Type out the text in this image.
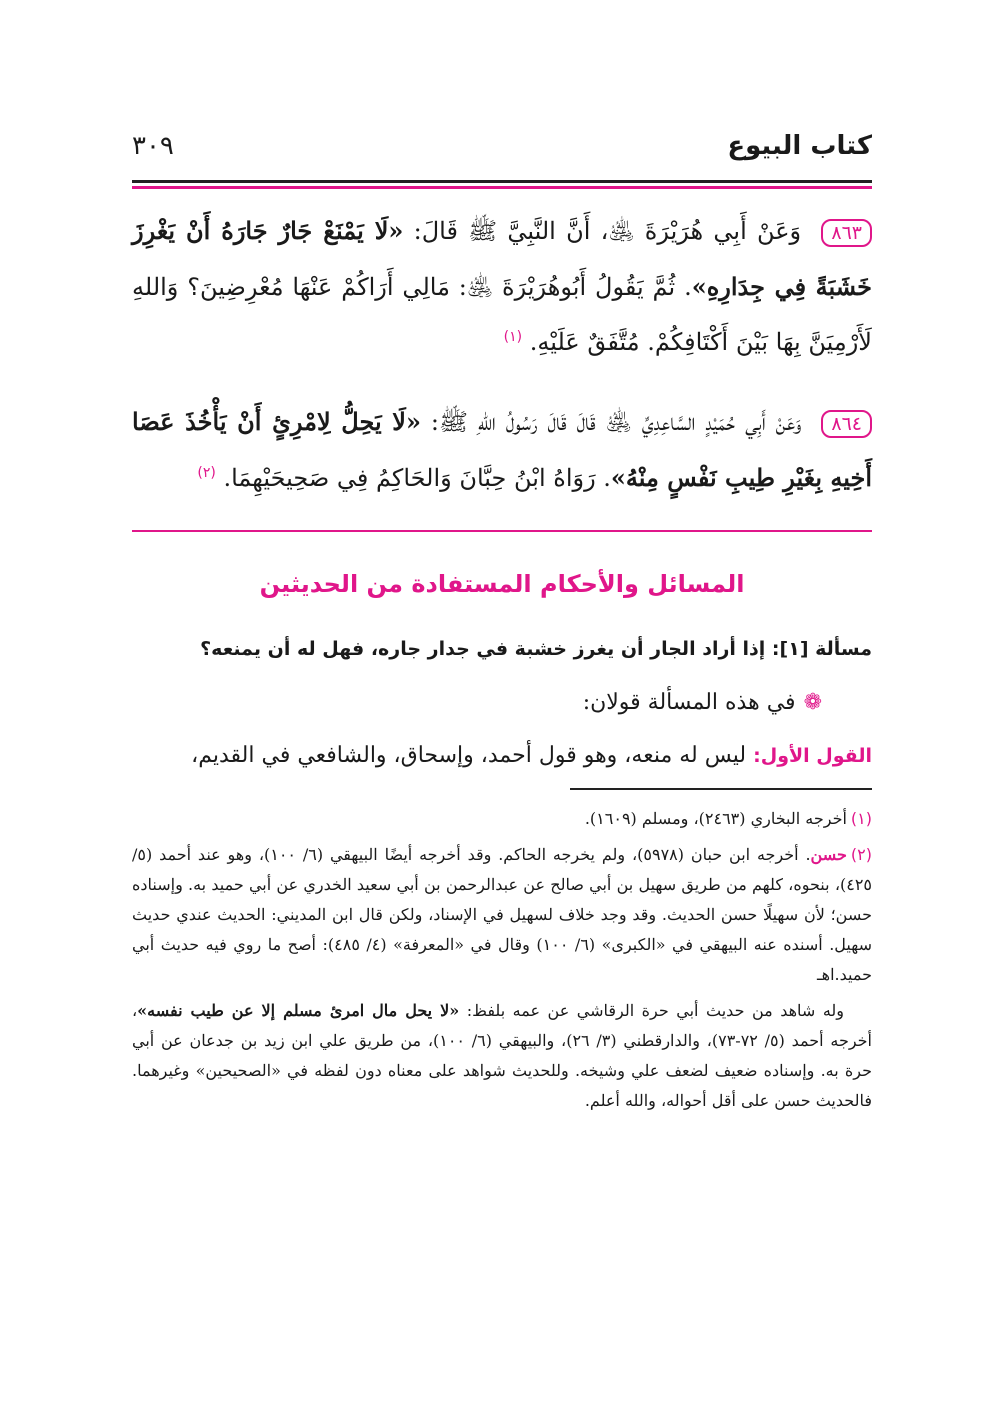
كتاب البيوع
٣٠٩

٨٦٣ وَعَنْ أَبِي هُرَيْرَةَ ﵁، أَنَّ النَّبِيَّ ﷺ قَالَ: «لَا يَمْنَعْ جَارٌ جَارَهُ أَنْ يَغْرِزَ خَشَبَةً فِي جِدَارِهِ». ثُمَّ يَقُولُ أَبُوهُرَيْرَةَ ﵁: مَالِي أَرَاكُمْ عَنْهَا مُعْرِضِينَ؟ وَاللهِ لَأَرْمِيَنَّ بِهَا بَيْنَ أَكْتَافِكُمْ. مُتَّفَقٌ عَلَيْهِ. $^{(١)}$

٨٦٤ وَعَنْ أَبِي حُمَيْدٍ السَّاعِدِيِّ ﵁ قَالَ قَالَ رَسُولُ اللهِ ﷺ: «لَا يَحِلُّ لِامْرِئٍ أَنْ يَأْخُذَ عَصَا أَخِيهِ بِغَيْرِ طِيبِ نَفْسٍ مِنْهُ». رَوَاهُ ابْنُ حِبَّانَ وَالحَاكِمُ فِي صَحِيحَيْهِمَا. $^{(٢)}$

المسائل والأحكام المستفادة من الحديثين
مسألة [١]: إذا أراد الجار أن يغرز خشبة في جدار جاره، فهل له أن يمنعه؟
❁في هذه المسألة قولان:
القول الأول: ليس له منعه، وهو قول أحمد، وإسحاق، والشافعي في القديم،
(١)أخرجه البخاري (٢٤٦٣)، ومسلم (١٦٠٩).
(٢)حسن. أخرجه ابن حبان (٥٩٧٨)، ولم يخرجه الحاكم. وقد أخرجه أيضًا البيهقي (٦/ ١٠٠)، وهو عند أحمد (٥/ ٤٢٥)، بنحوه، كلهم من طريق سهيل بن أبي صالح عن عبدالرحمن بن أبي سعيد الخدري عن أبي حميد به. وإسناده حسن؛ لأن سهيلًا حسن الحديث. وقد وجد خلاف لسهيل في الإسناد، ولكن قال ابن المديني: الحديث عندي حديث سهيل. أسنده عنه البيهقي في «الكبرى» (٦/ ١٠٠) وقال في «المعرفة» (٤/ ٤٨٥): أصح ما روي فيه حديث أبي حميد.اهـ
وله شاهد من حديث أبي حرة الرقاشي عن عمه بلفظ: «لا يحل مال امرئ مسلم إلا عن طيب نفسه»، أخرجه أحمد (٥/ ٧٢-٧٣)، والدارقطني (٣/ ٢٦)، والبيهقي (٦/ ١٠٠)، من طريق علي ابن زيد بن جدعان عن أبي حرة به. وإسناده ضعيف لضعف علي وشيخه. وللحديث شواهد على معناه دون لفظه في «الصحيحين» وغيرهما. فالحديث حسن على أقل أحواله، والله أعلم.
